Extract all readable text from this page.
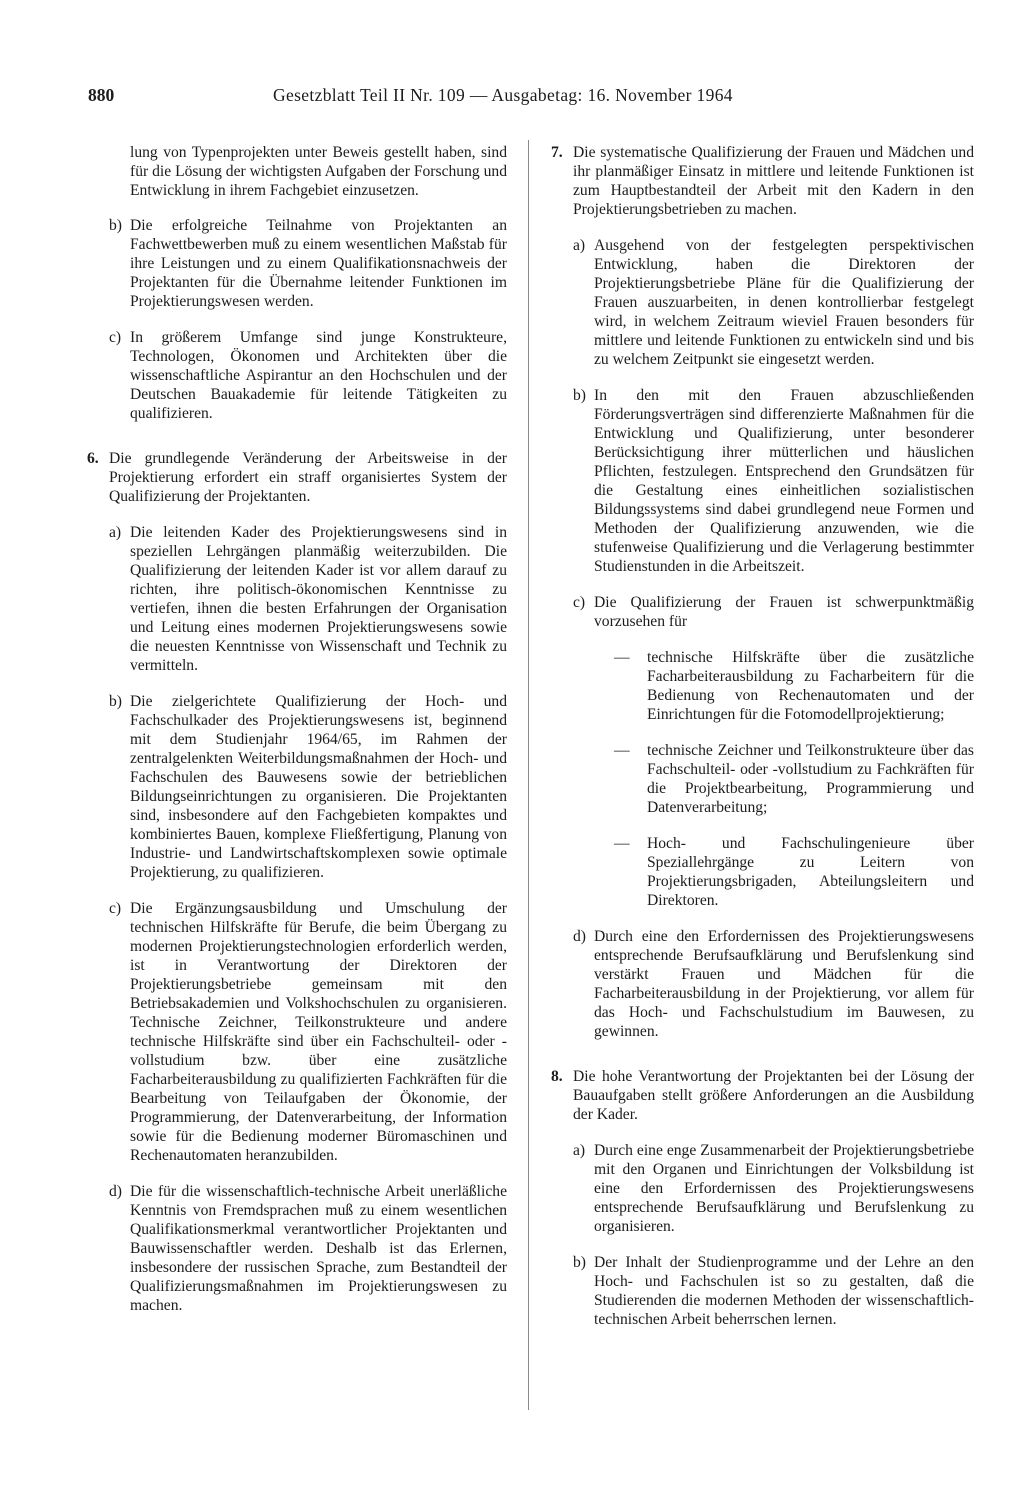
880	Gesetzblatt Teil II Nr. 109 — Ausgabetag: 16. November 1964

lung von Typenprojekten unter Beweis gestellt haben, sind für die Lösung der wichtigsten Aufgaben der Forschung und Entwicklung in ihrem Fachgebiet einzusetzen.

b) Die erfolgreiche Teilnahme von Projektanten an Fachwettbewerben muß zu einem wesentlichen Maßstab für ihre Leistungen und zu einem Qualifikationsnachweis der Projektanten für die Übernahme leitender Funktionen im Projektierungswesen werden.

c) In größerem Umfange sind junge Konstrukteure, Technologen, Ökonomen und Architekten über die wissenschaftliche Aspirantur an den Hochschulen und der Deutschen Bauakademie für leitende Tätigkeiten zu qualifizieren.

6. Die grundlegende Veränderung der Arbeitsweise in der Projektierung erfordert ein straff organisiertes System der Qualifizierung der Projektanten.

a) Die leitenden Kader des Projektierungswesens sind in speziellen Lehrgängen planmäßig weiterzubilden. Die Qualifizierung der leitenden Kader ist vor allem darauf zu richten, ihre politisch-ökonomischen Kenntnisse zu vertiefen, ihnen die besten Erfahrungen der Organisation und Leitung eines modernen Projektierungswesens sowie die neuesten Kenntnisse von Wissenschaft und Technik zu vermitteln.

b) Die zielgerichtete Qualifizierung der Hoch- und Fachschulkader des Projektierungswesens ist, beginnend mit dem Studienjahr 1964/65, im Rahmen der zentralgelenkten Weiterbildungsmaßnahmen der Hoch- und Fachschulen des Bauwesens sowie der betrieblichen Bildungseinrichtungen zu organisieren. Die Projektanten sind, insbesondere auf den Fachgebieten kompaktes und kombiniertes Bauen, komplexe Fließfertigung, Planung von Industrie- und Landwirtschaftskomplexen sowie optimale Projektierung, zu qualifizieren.

c) Die Ergänzungsausbildung und Umschulung der technischen Hilfskräfte für Berufe, die beim Übergang zu modernen Projektierungstechnologien erforderlich werden, ist in Verantwortung der Direktoren der Projektierungsbetriebe gemeinsam mit den Betriebsakademien und Volkshochschulen zu organisieren. Technische Zeichner, Teilkonstrukteure und andere technische Hilfskräfte sind über ein Fachschulteil- oder -vollstudium bzw. über eine zusätzliche Facharbeiterausbildung zu qualifizierten Fachkräften für die Bearbeitung von Teilaufgaben der Ökonomie, der Programmierung, der Datenverarbeitung, der Information sowie für die Bedienung moderner Büromaschinen und Rechenautomaten heranzubilden.

d) Die für die wissenschaftlich-technische Arbeit unerläßliche Kenntnis von Fremdsprachen muß zu einem wesentlichen Qualifikationsmerkmal verantwortlicher Projektanten und Bauwissenschaftler werden. Deshalb ist das Erlernen, insbesondere der russischen Sprache, zum Bestandteil der Qualifizierungsmaßnahmen im Projektierungswesen zu machen.

7. Die systematische Qualifizierung der Frauen und Mädchen und ihr planmäßiger Einsatz in mittlere und leitende Funktionen ist zum Hauptbestandteil der Arbeit mit den Kadern in den Projektierungsbetrieben zu machen.

a) Ausgehend von der festgelegten perspektivischen Entwicklung, haben die Direktoren der Projektierungsbetriebe Pläne für die Qualifizierung der Frauen auszuarbeiten, in denen kontrollierbar festgelegt wird, in welchem Zeitraum wieviel Frauen besonders für mittlere und leitende Funktionen zu entwickeln sind und bis zu welchem Zeitpunkt sie eingesetzt werden.

b) In den mit den Frauen abzuschließenden Förderungsverträgen sind differenzierte Maßnahmen für die Entwicklung und Qualifizierung, unter besonderer Berücksichtigung ihrer mütterlichen und häuslichen Pflichten, festzulegen. Entsprechend den Grundsätzen für die Gestaltung eines einheitlichen sozialistischen Bildungssystems sind dabei grundlegend neue Formen und Methoden der Qualifizierung anzuwenden, wie die stufenweise Qualifizierung und die Verlagerung bestimmter Studienstunden in die Arbeitszeit.

c) Die Qualifizierung der Frauen ist schwerpunktmäßig vorzusehen für

—	technische Hilfskräfte über die zusätzliche Facharbeiterausbildung zu Facharbeitern für die Bedienung von Rechenautomaten und der Einrichtungen für die Fotomodellprojektierung;

—	technische Zeichner und Teilkonstrukteure über das Fachschulteil- oder -vollstudium zu Fachkräften für die Projektbearbeitung, Programmierung und Datenverarbeitung;

—	Hoch- und Fachschulingenieure über Speziallehrgänge zu Leitern von Projektierungsbrigaden, Abteilungsleitern und Direktoren.

d) Durch eine den Erfordernissen des Projektierungswesens entsprechende Berufsaufklärung und Berufslenkung sind verstärkt Frauen und Mädchen für die Facharbeiterausbildung in der Projektierung, vor allem für das Hoch- und Fachschulstudium im Bauwesen, zu gewinnen.

8. Die hohe Verantwortung der Projektanten bei der Lösung der Bauaufgaben stellt größere Anforderungen an die Ausbildung der Kader.

a) Durch eine enge Zusammenarbeit der Projektierungsbetriebe mit den Organen und Einrichtungen der Volksbildung ist eine den Erfordernissen des Projektierungswesens entsprechende Berufsaufklärung und Berufslenkung zu organisieren.

b) Der Inhalt der Studienprogramme und der Lehre an den Hoch- und Fachschulen ist so zu gestalten, daß die Studierenden die modernen Methoden der wissenschaftlich-technischen Arbeit beherrschen lernen.
